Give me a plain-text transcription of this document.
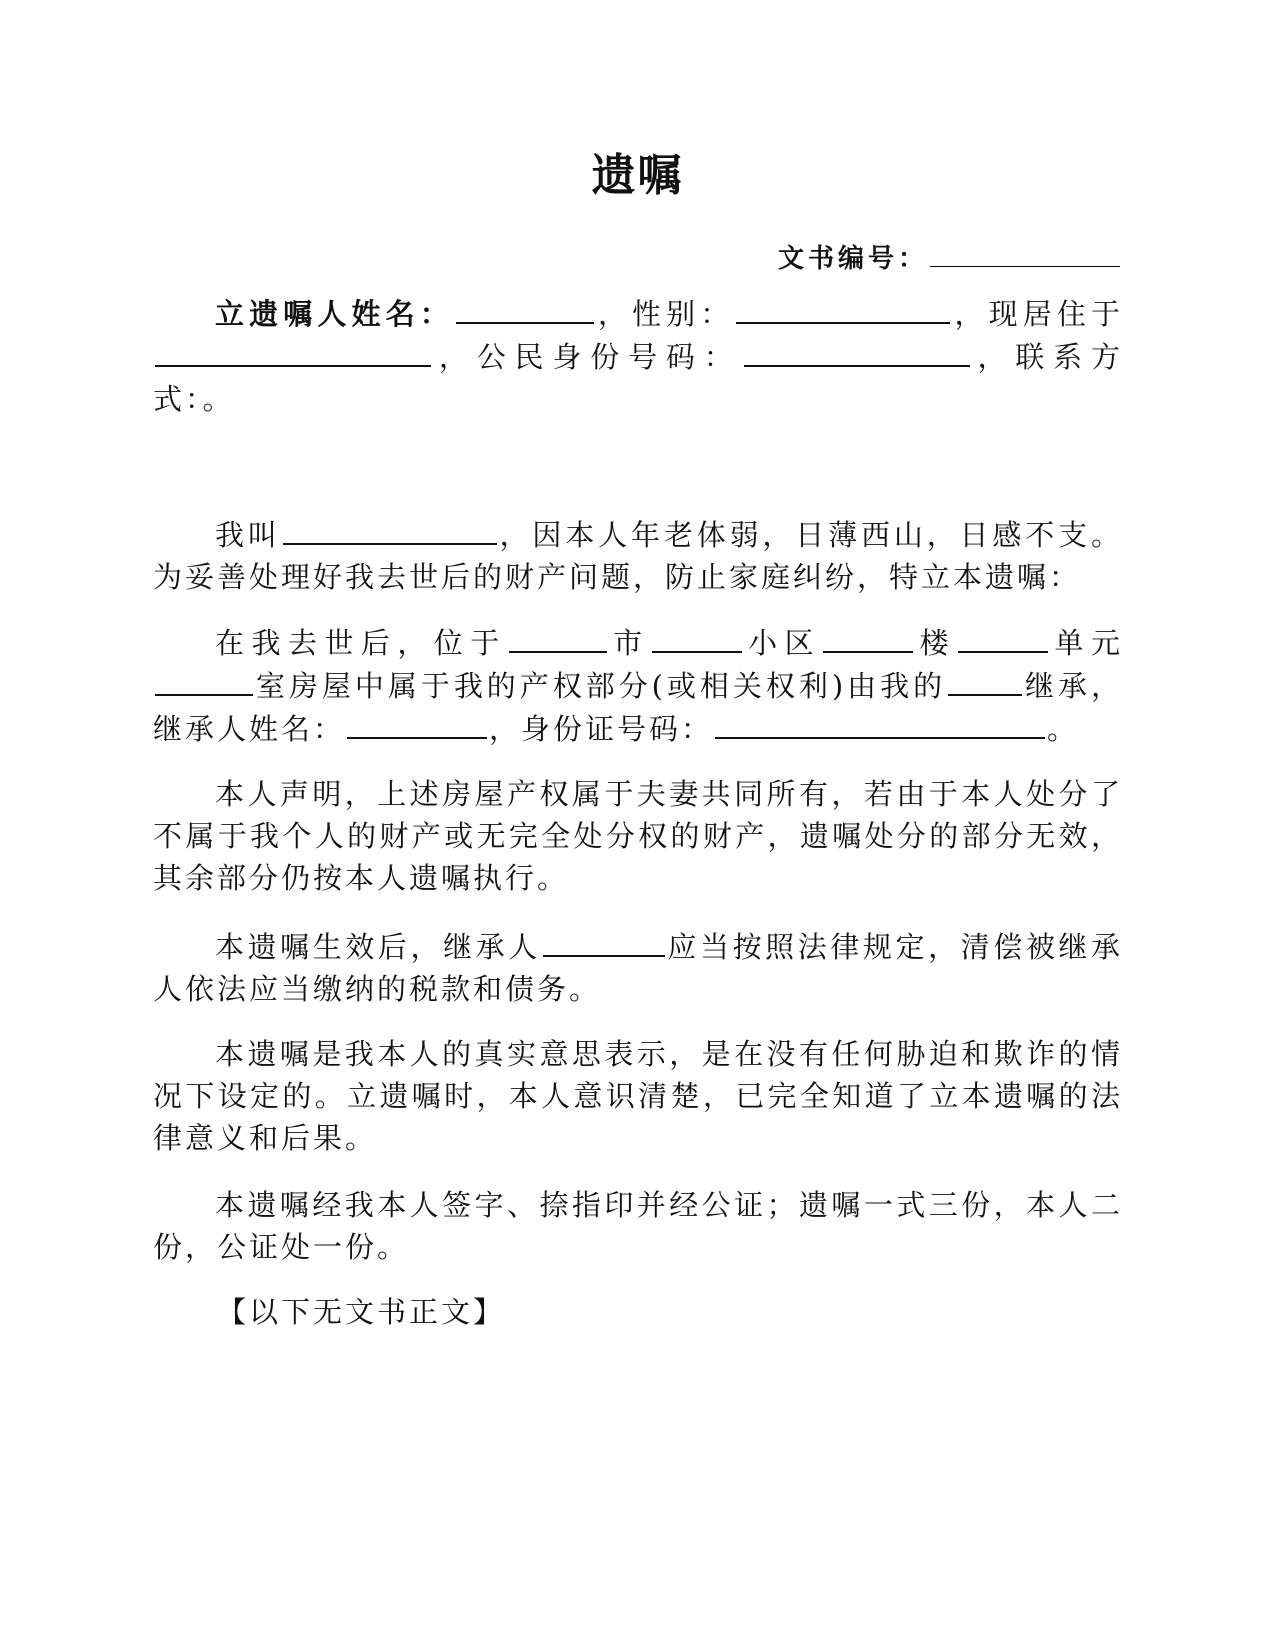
遗嘱
文书编号：

立遗嘱人姓名：	，性别：	，现居住于，公民身份号码：	，联系方式：。

我叫	，因本人年老体弱，日薄西山，日感不支。为妥善处理好我去世后的财产问题，防止家庭纠纷，特立本遗嘱：

在我去世后，位于	市	小区	楼	单元室房屋中属于我的产权部分(或相关权利)由我的	继承，继承人姓名：	，身份证号码：	。

本人声明，上述房屋产权属于夫妻共同所有，若由于本人处分了不属于我个人的财产或无完全处分权的财产，遗嘱处分的部分无效，其余部分仍按本人遗嘱执行。

本遗嘱生效后，继承人	应当按照法律规定，清偿被继承人依法应当缴纳的税款和债务。

本遗嘱是我本人的真实意思表示，是在没有任何胁迫和欺诈的情况下设定的。立遗嘱时，本人意识清楚，已完全知道了立本遗嘱的法律意义和后果。

本遗嘱经我本人签字、捺指印并经公证；遗嘱一式三份，本人二份，公证处一份。

【以下无文书正文】
